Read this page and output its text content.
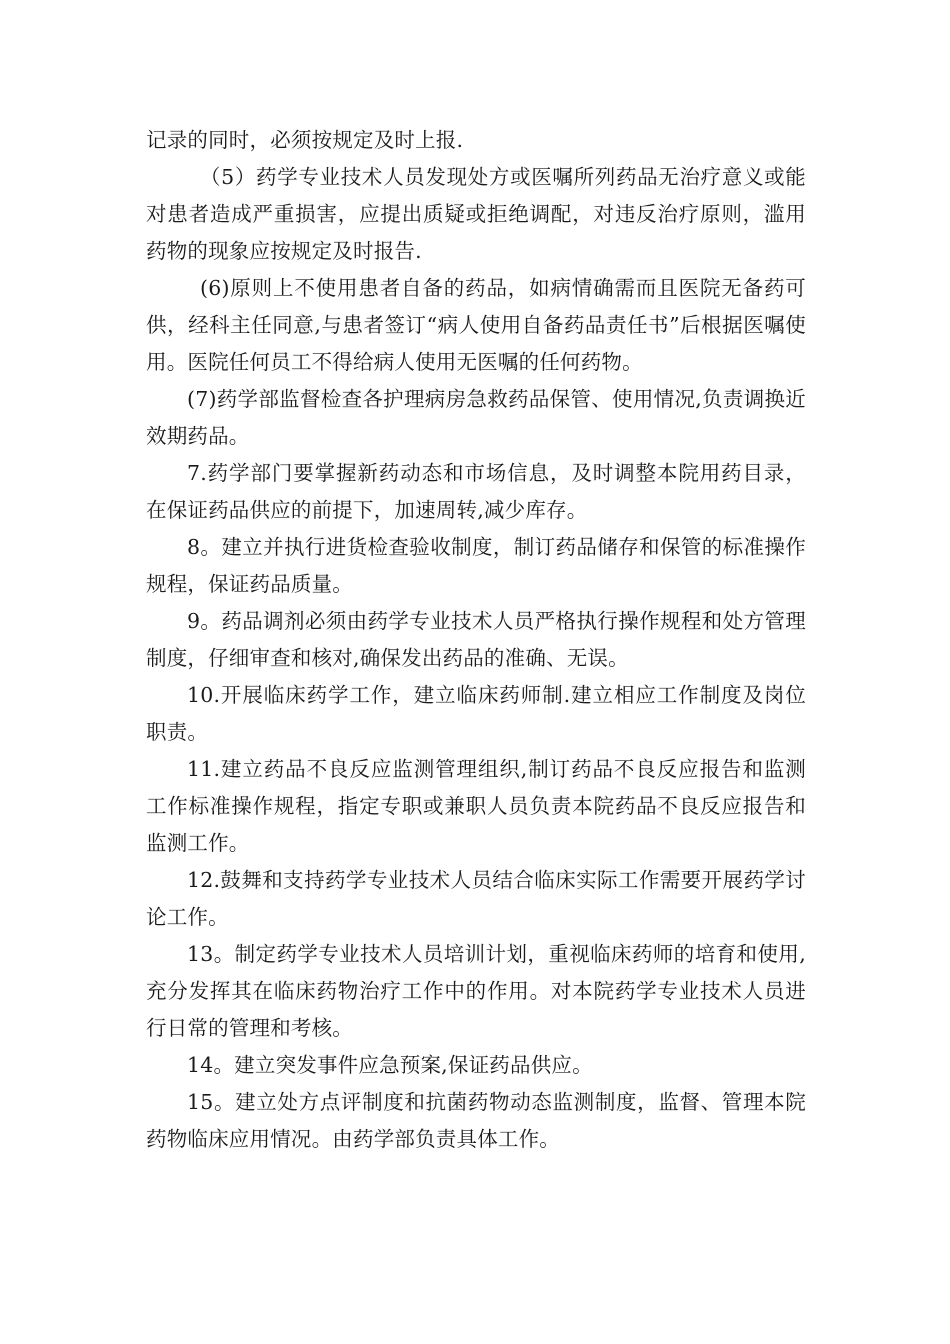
记录的同时，必须按规定及时上报.

（5）药学专业技术人员发现处方或医嘱所列药品无治疗意义或能对患者造成严重损害，应提出质疑或拒绝调配，对违反治疗原则，滥用药物的现象应按规定及时报告.

(6)原则上不使用患者自备的药品，如病情确需而且医院无备药可供，经科主任同意,与患者签订“病人使用自备药品责任书”后根据医嘱使用。医院任何员工不得给病人使用无医嘱的任何药物。

(7)药学部监督检查各护理病房急救药品保管、使用情况,负责调换近效期药品。

7.药学部门要掌握新药动态和市场信息，及时调整本院用药目录，在保证药品供应的前提下，加速周转,减少库存。

8。建立并执行进货检查验收制度，制订药品储存和保管的标准操作规程，保证药品质量。

9。药品调剂必须由药学专业技术人员严格执行操作规程和处方管理制度，仔细审查和核对,确保发出药品的准确、无误。

10.开展临床药学工作，建立临床药师制.建立相应工作制度及岗位职责。

11.建立药品不良反应监测管理组织,制订药品不良反应报告和监测工作标准操作规程，指定专职或兼职人员负责本院药品不良反应报告和监测工作。

12.鼓舞和支持药学专业技术人员结合临床实际工作需要开展药学讨论工作。

13。制定药学专业技术人员培训计划，重视临床药师的培育和使用,充分发挥其在临床药物治疗工作中的作用。对本院药学专业技术人员进行日常的管理和考核。

14。建立突发事件应急预案,保证药品供应。

15。建立处方点评制度和抗菌药物动态监测制度，监督、管理本院药物临床应用情况。由药学部负责具体工作。
